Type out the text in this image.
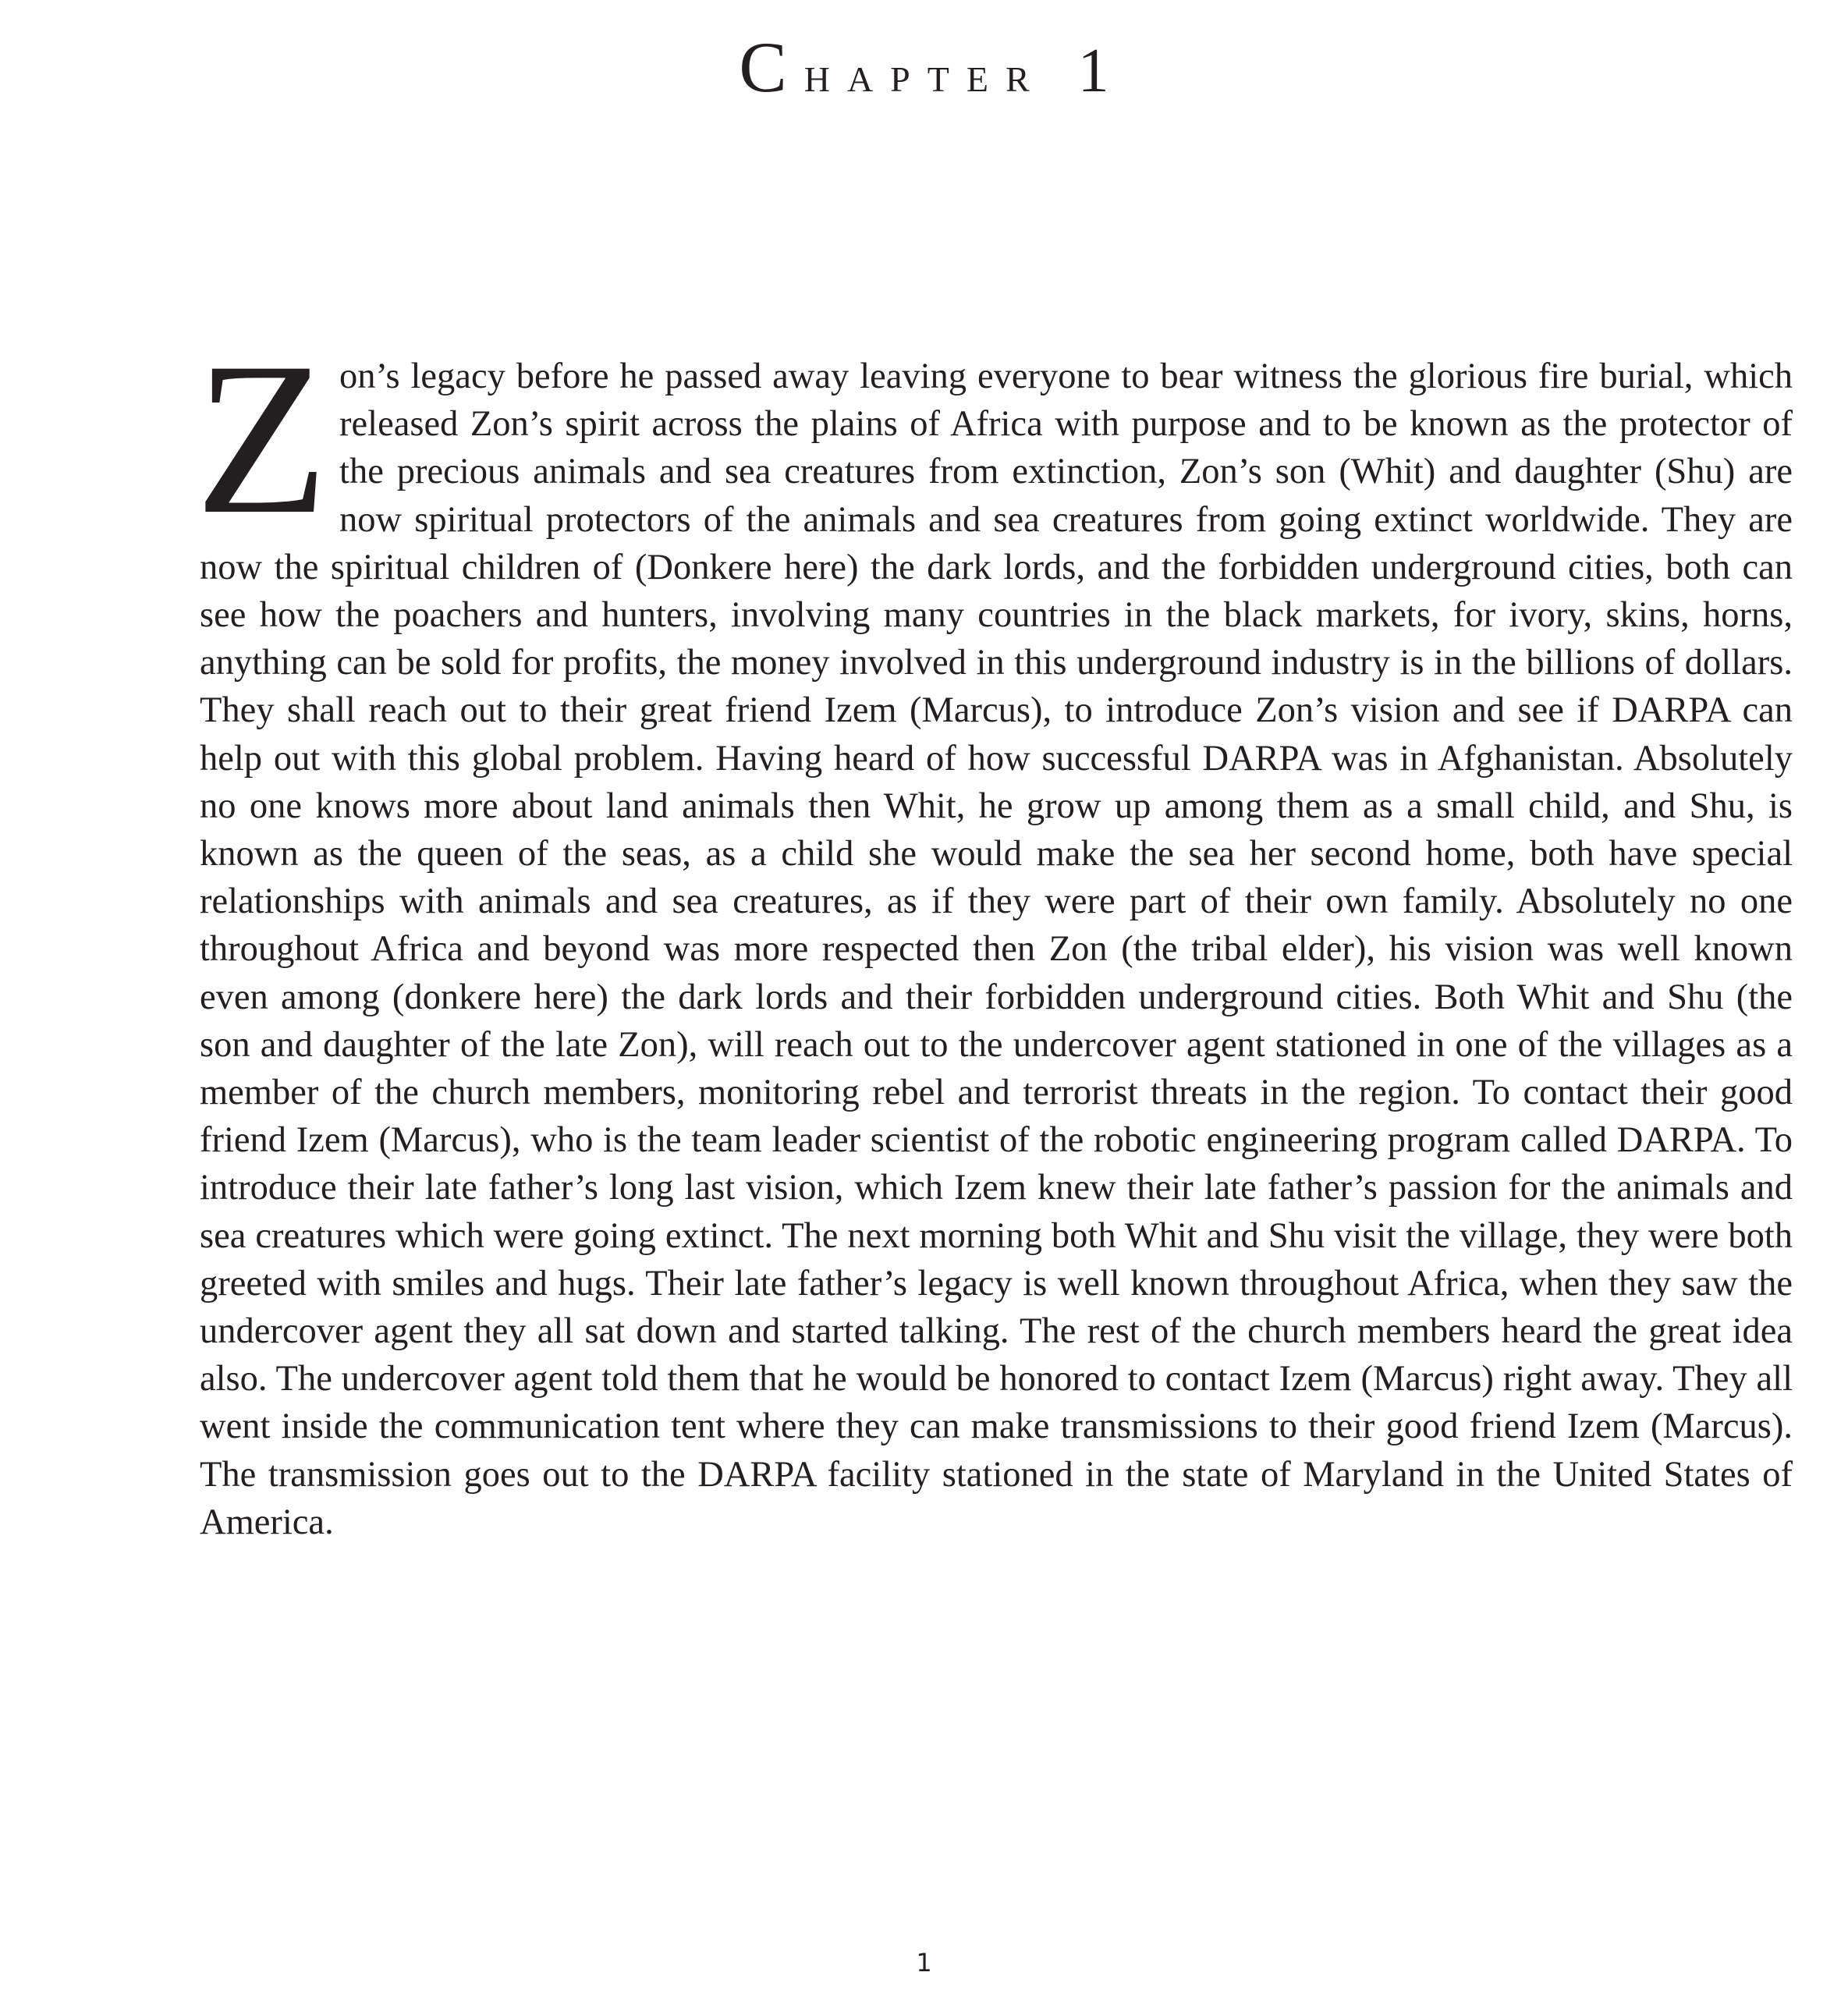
Chapter 1

Zon’s legacy before he passed away leaving everyone to bear witness the glorious fire burial, which released Zon’s spirit across the plains of Africa with purpose and to be known as the protector of the precious animals and sea creatures from extinction, Zon’s son (Whit) and daughter (Shu) are now spiritual protectors of the animals and sea creatures from going extinct worldwide. They are now the spiritual children of (Donkere here) the dark lords, and the forbidden underground cities, both can see how the poachers and hunters, involving many countries in the black markets, for ivory, skins, horns, anything can be sold for profits, the money involved in this underground industry is in the billions of dollars. They shall reach out to their great friend Izem (Marcus), to introduce Zon’s vision and see if DARPA can help out with this global problem. Having heard of how successful DARPA was in Afghanistan. Absolutely no one knows more about land animals then Whit, he grow up among them as a small child, and Shu, is known as the queen of the seas, as a child she would make the sea her second home, both have special relationships with animals and sea creatures, as if they were part of their own family. Absolutely no one throughout Africa and beyond was more respected then Zon (the tribal elder), his vision was well known even among (donkere here) the dark lords and their forbidden underground cities. Both Whit and Shu (the son and daughter of the late Zon), will reach out to the undercover agent stationed in one of the villages as a member of the church members, monitoring rebel and terrorist threats in the region. To contact their good friend Izem (Marcus), who is the team leader scientist of the robotic engineering program called DARPA. To introduce their late father’s long last vision, which Izem knew their late father’s passion for the animals and sea creatures which were going extinct. The next morning both Whit and Shu visit the village, they were both greeted with smiles and hugs. Their late father’s legacy is well known throughout Africa, when they saw the undercover agent they all sat down and started talking. The rest of the church members heard the great idea also. The undercover agent told them that he would be honored to contact Izem (Marcus) right away. They all went inside the communication tent where they can make transmissions to their good friend Izem (Marcus). The transmission goes out to the DARPA facility stationed in the state of Maryland in the United States of America.

1
